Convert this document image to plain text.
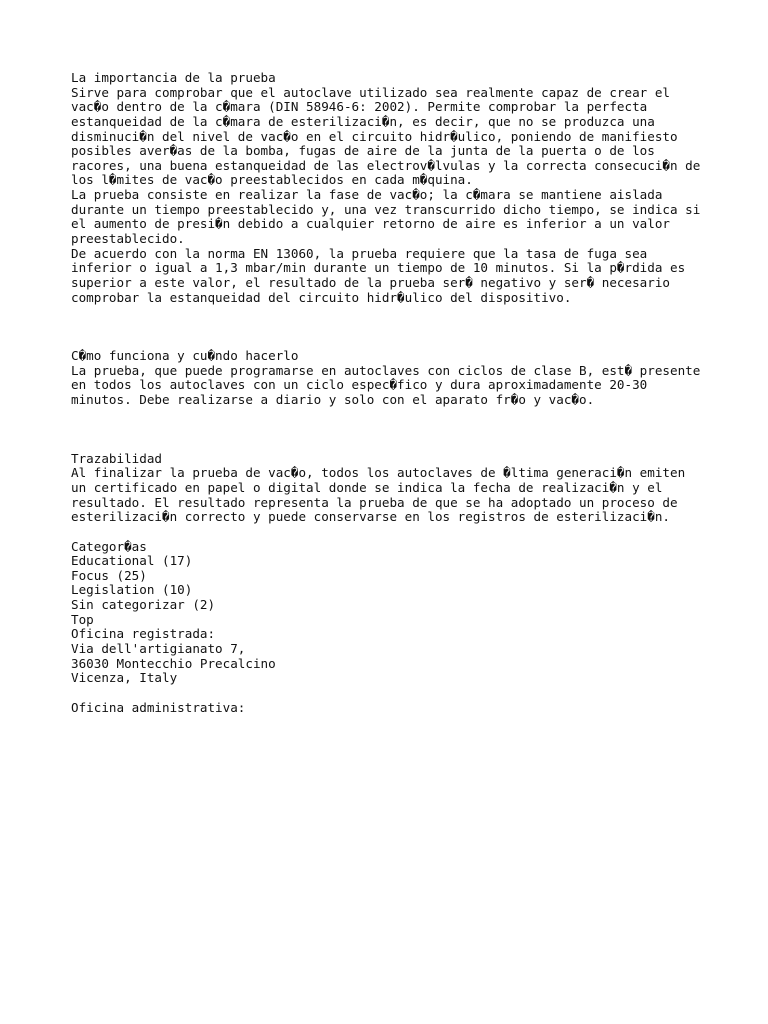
La importancia de la prueba
Sirve para comprobar que el autoclave utilizado sea realmente capaz de crear el
vac�o dentro de la c�mara (DIN 58946-6: 2002). Permite comprobar la perfecta
estanqueidad de la c�mara de esterilizaci�n, es decir, que no se produzca una
disminuci�n del nivel de vac�o en el circuito hidr�ulico, poniendo de manifiesto
posibles aver�as de la bomba, fugas de aire de la junta de la puerta o de los
racores, una buena estanqueidad de las electrov�lvulas y la correcta consecuci�n de
los l�mites de vac�o preestablecidos en cada m�quina.
La prueba consiste en realizar la fase de vac�o; la c�mara se mantiene aislada
durante un tiempo preestablecido y, una vez transcurrido dicho tiempo, se indica si
el aumento de presi�n debido a cualquier retorno de aire es inferior a un valor
preestablecido.
De acuerdo con la norma EN 13060, la prueba requiere que la tasa de fuga sea
inferior o igual a 1,3 mbar/min durante un tiempo de 10 minutos. Si la p�rdida es
superior a este valor, el resultado de la prueba ser� negativo y ser� necesario
comprobar la estanqueidad del circuito hidr�ulico del dispositivo.
C�mo funciona y cu�ndo hacerlo
La prueba, que puede programarse en autoclaves con ciclos de clase B, est� presente
en todos los autoclaves con un ciclo espec�fico y dura aproximadamente 20-30
minutos. Debe realizarse a diario y solo con el aparato fr�o y vac�o.
Trazabilidad
Al finalizar la prueba de vac�o, todos los autoclaves de �ltima generaci�n emiten
un certificado en papel o digital donde se indica la fecha de realizaci�n y el
resultado. El resultado representa la prueba de que se ha adoptado un proceso de
esterilizaci�n correcto y puede conservarse en los registros de esterilizaci�n.
Categor�as
Educational (17)
Focus (25)
Legislation (10)
Sin categorizar (2)
Top
Oficina registrada:
Via dell'artigianato 7,
36030 Montecchio Precalcino
Vicenza, Italy
Oficina administrativa:
